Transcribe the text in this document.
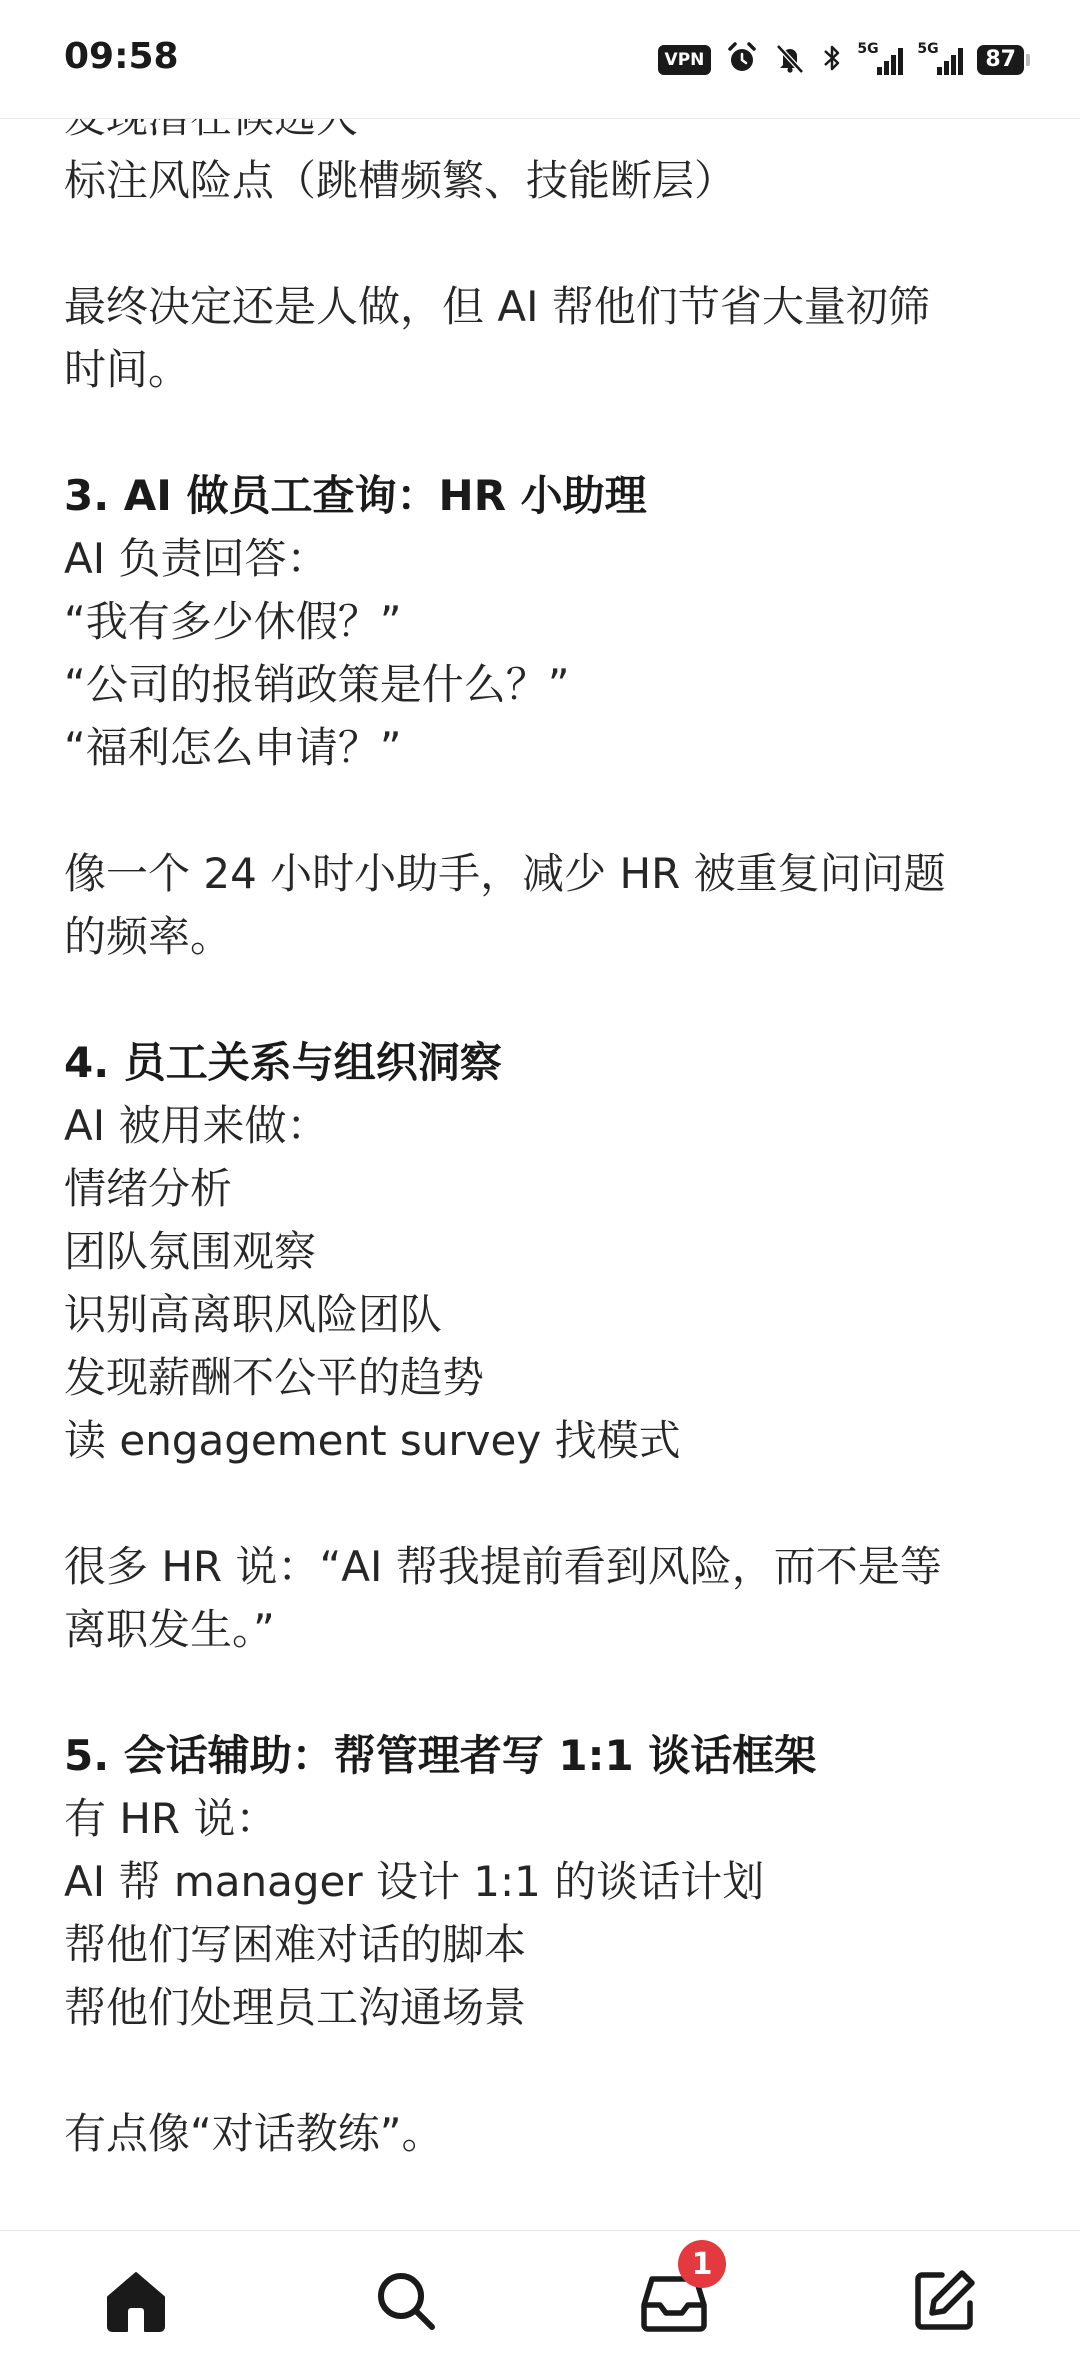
09:58	VPN
5G	5G	87
标注风险点（跳槽频繁、技能断层）
最终决定还是人做，但 AI 帮他们节省大量初筛
时间。
3. AI 做员工查询：HR 小助理
AI 负责回答：
“我有多少休假？”
“公司的报销政策是什么？”
“福利怎么申请？”
像一个 24 小时小助手，减少 HR 被重复问问题
的频率。
4. 员工关系与组织洞察
AI 被用来做：
情绪分析
团队氛围观察
识别高离职风险团队
发现薪酬不公平的趋势
读 engagement survey 找模式
很多 HR 说：“AI 帮我提前看到风险，而不是等
离职发生。”
5. 会话辅助：帮管理者写 1:1 谈话框架
有 HR 说：
AI 帮 manager 设计 1:1 的谈话计划
帮他们写困难对话的脚本
帮他们处理员工沟通场景
有点像“对话教练”。
1
